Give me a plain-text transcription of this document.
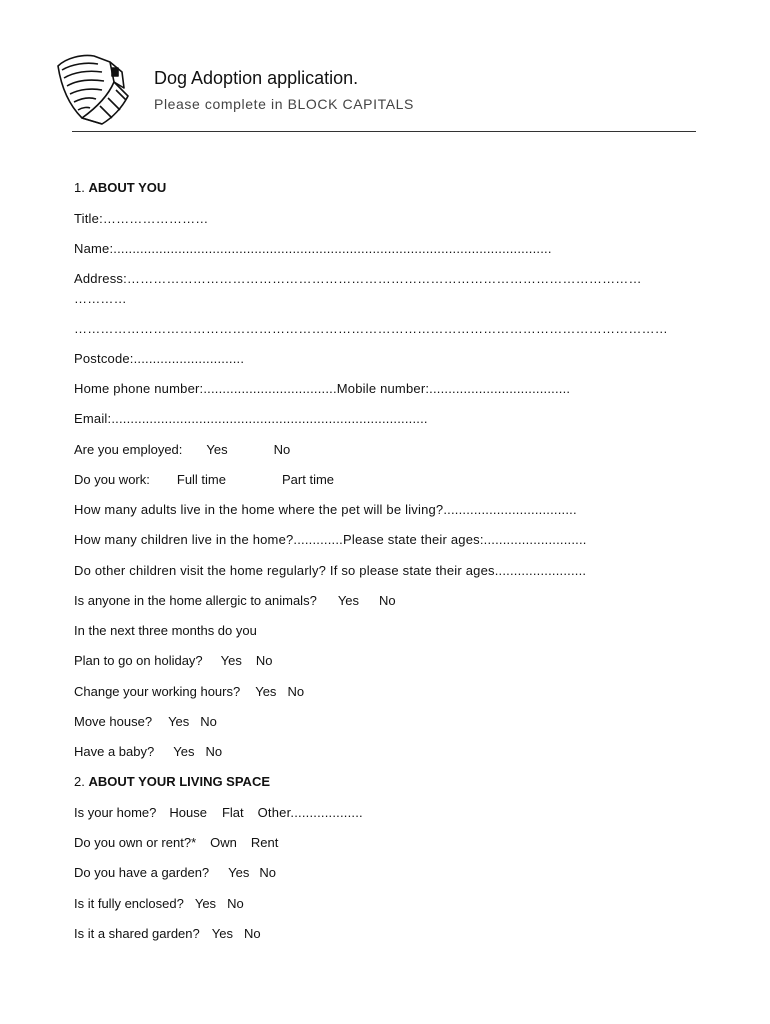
Dog Adoption application.
Please complete in BLOCK CAPITALS
1. ABOUT YOU
Title:……………………
Name:...................................................................................................................
Address:………………………………………………………………………………………………………
…………
………………………………………………………………………………………………………………………
Postcode:.............................
Home phone number:...................................Mobile number:.....................................
Email:...................................................................................
Are you employed: Yes	No
Do you work: Full time	Part time
How many adults live in the home where the pet will be living?...................................
How many children live in the home?.............Please state their ages:...........................
Do other children visit the home regularly? If so please state their ages........................
Is anyone in the home allergic to animals? Yes No
In the next three months do you
Plan to go on holiday? Yes No
Change your working hours? Yes No
Move house? Yes No
Have a baby? Yes No
2. ABOUT YOUR LIVING SPACE
Is your home? House Flat Other...................
Do you own or rent?* Own Rent
Do you have a garden? Yes No
Is it fully enclosed? Yes No
Is it a shared garden? Yes No
